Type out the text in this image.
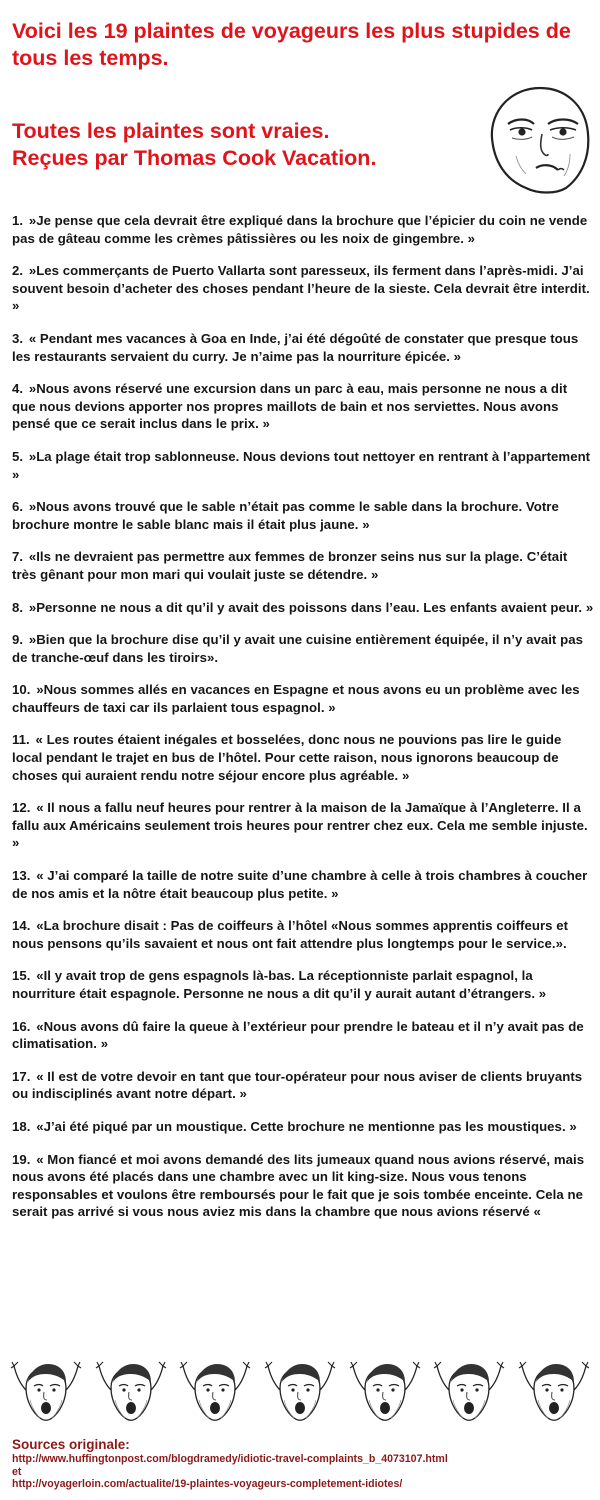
Voici les 19 plaintes de voyageurs les plus stupides de tous les temps.
Toutes les plaintes sont vraies.
Reçues par Thomas Cook Vacation.
1. »Je pense que cela devrait être expliqué dans la brochure que l’épicier du coin ne vende pas de gâteau comme les crèmes pâtissières ou les noix de gingembre. »
2. »Les commerçants de Puerto Vallarta sont paresseux, ils ferment dans l’après-midi. J’ai souvent besoin d’acheter des choses pendant l’heure de la sieste. Cela devrait être interdit. »
3. « Pendant mes vacances à Goa en Inde, j’ai été dégoûté de constater que presque tous les restaurants servaient du curry. Je n’aime pas la nourriture épicée. »
4. »Nous avons réservé une excursion dans un parc à eau, mais personne ne nous a dit que nous devions apporter nos propres maillots de bain et nos serviettes. Nous avons pensé que ce serait inclus dans le prix. »
5. »La plage était trop sablonneuse. Nous devions tout nettoyer en rentrant à l’appartement »
6. »Nous avons trouvé que le sable n’était pas comme le sable dans la brochure. Votre brochure montre le sable blanc mais il était plus jaune. »
7. «Ils ne devraient pas permettre aux femmes de bronzer seins nus sur la plage. C’était très gênant pour mon mari qui voulait juste se détendre. »
8. »Personne ne nous a dit qu’il y avait des poissons dans l’eau. Les enfants avaient peur. »
9. »Bien que la brochure dise qu’il y avait une cuisine entièrement équipée, il n’y avait pas de tranche-œuf dans les tiroirs».
10. »Nous sommes allés en vacances en Espagne et nous avons eu un problème avec les chauffeurs de taxi car ils parlaient tous espagnol. »
11. « Les routes étaient inégales et bosselées, donc nous ne pouvions pas lire le guide local pendant le trajet en bus de l’hôtel. Pour cette raison, nous ignorons beaucoup de choses qui auraient rendu notre séjour encore plus agréable. »
12. « Il nous a fallu neuf heures pour rentrer à la maison de la Jamaïque à l’Angleterre. Il a fallu aux Américains seulement trois heures pour rentrer chez eux. Cela me semble injuste. »
13. « J’ai comparé la taille de notre suite d’une chambre à celle à trois chambres à coucher de nos amis et la nôtre était beaucoup plus petite. »
14. «La brochure disait : Pas de coiffeurs à l’hôtel «Nous sommes apprentis coiffeurs et nous pensons qu’ils savaient et nous ont fait attendre plus longtemps pour le service.».
15. «Il y avait trop de gens espagnols là-bas. La réceptionniste parlait espagnol, la nourriture était espagnole. Personne ne nous a dit qu’il y aurait autant d’étrangers. »
16. «Nous avons dû faire la queue à l’extérieur pour prendre le bateau et il n’y avait pas de climatisation. »
17. « Il est de votre devoir en tant que tour-opérateur pour nous aviser de clients bruyants ou indisciplinés avant notre départ. »
18. «J’ai été piqué par un moustique. Cette brochure ne mentionne pas les moustiques. »
19. « Mon fiancé et moi avons demandé des lits jumeaux quand nous avions réservé, mais nous avons été placés dans une chambre avec un lit king-size. Nous vous tenons responsables et voulons être remboursés pour le fait que je sois tombée enceinte. Cela ne serait pas arrivé si vous nous aviez mis dans la chambre que nous avions réservé «
Sources originale:
http://www.huffingtonpost.com/blogdramedy/idiotic-travel-complaints_b_4073107.html
et
http://voyagerloin.com/actualite/19-plaintes-voyageurs-completement-idiotes/
